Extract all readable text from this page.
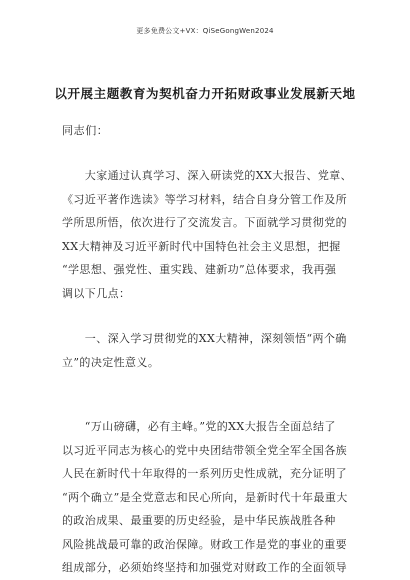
更多免费公文+VX：QiSeGongWen2024
以开展主题教育为契机奋力开拓财政事业发展新天地
同志们：

　　大家通过认真学习、深入研读党的XX大报告、党章、
《习近平著作选读》等学习材料，结合自身分管工作及所
学所思所悟，依次进行了交流发言。下面就学习贯彻党的
XX大精神及习近平新时代中国特色社会主义思想，把握
“学思想、强党性、重实践、建新功”总体要求，我再强
调以下几点：

　　一、深入学习贯彻党的XX大精神，深刻领悟“两个确
立”的决定性意义。

　　“万山磅礴，必有主峰。”党的XX大报告全面总结了
以习近平同志为核心的党中央团结带领全党全军全国各族
人民在新时代十年取得的一系列历史性成就，充分证明了
“两个确立”是全党意志和民心所向，是新时代十年最重大
的政治成果、最重要的历史经验，是中华民族战胜各种
风险挑战最可靠的政治保障。财政工作是党的事业的重要
组成部分，必须始终坚持和加强党对财政工作的全面领导
